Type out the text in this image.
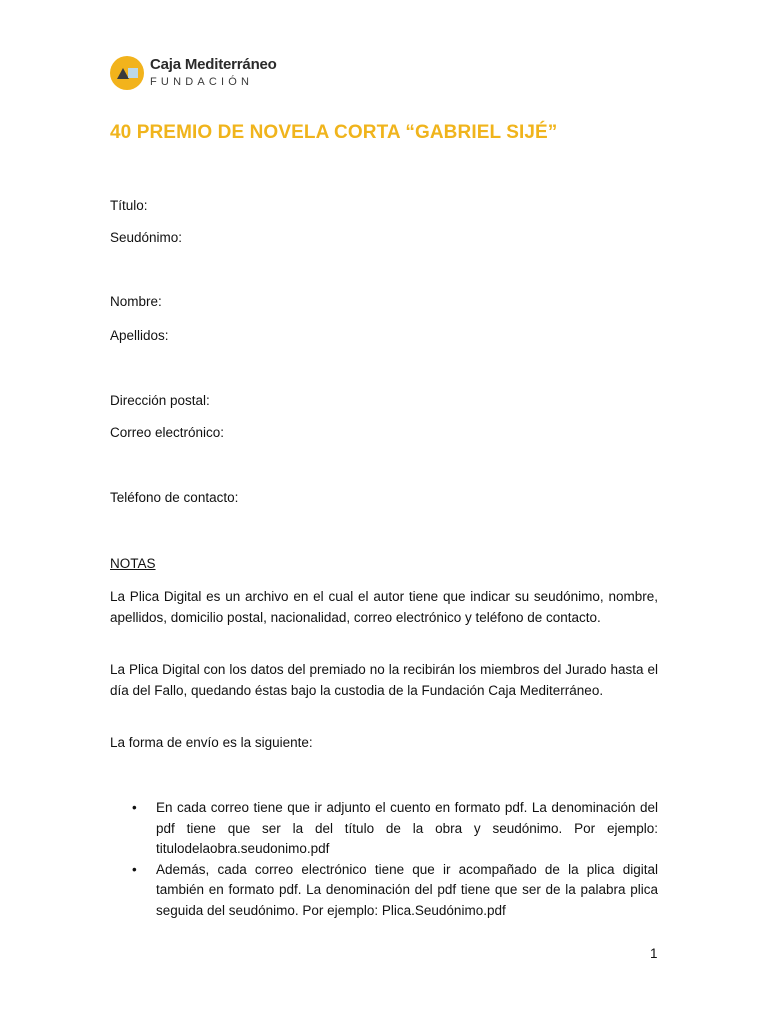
Caja Mediterráneo
FUNDACIÓN
40 PREMIO DE NOVELA CORTA “GABRIEL SIJÉ”
Título:
Seudónimo:
Nombre:
Apellidos:
Dirección postal:
Correo electrónico:
Teléfono de contacto:
NOTAS
La Plica Digital es un archivo en el cual el autor tiene que indicar su seudónimo, nombre, apellidos, domicilio postal, nacionalidad, correo electrónico y teléfono de contacto.
La Plica Digital con los datos del premiado no la recibirán los miembros del Jurado hasta el día del Fallo, quedando éstas bajo la custodia de la Fundación Caja Mediterráneo.
La forma de envío es la siguiente:
• En cada correo tiene que ir adjunto el cuento en formato pdf. La denominación del pdf tiene que ser la del título de la obra y seudónimo. Por ejemplo: titulodelaobra.seudonimo.pdf
• Además, cada correo electrónico tiene que ir acompañado de la plica digital también en formato pdf. La denominación del pdf tiene que ser de la palabra plica seguida del seudónimo. Por ejemplo: Plica.Seudónimo.pdf
1
